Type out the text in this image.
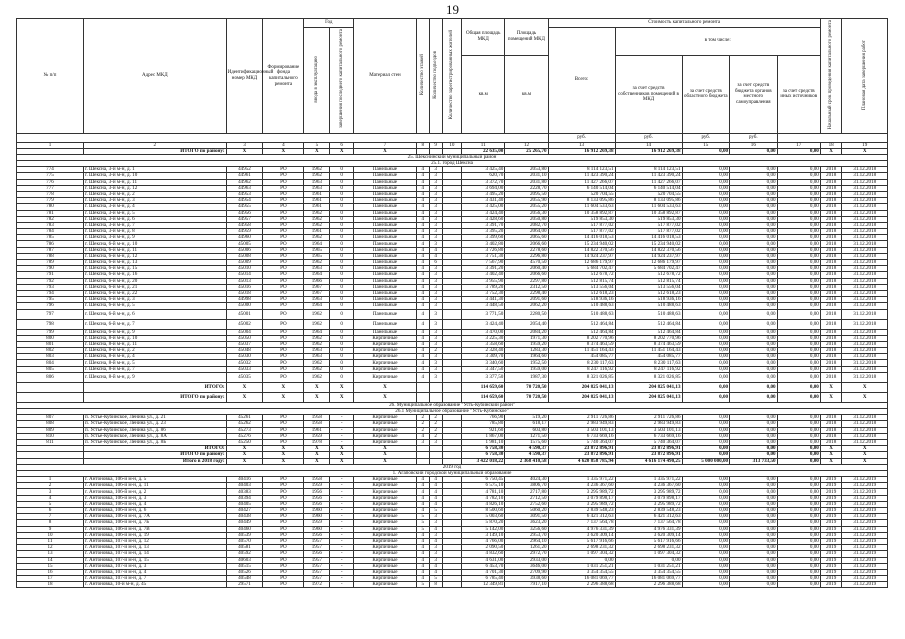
19
№ п/п	Адрес МКД	Идентификационный номер МКД	Формирование фонда капитального ремонта	Год		Материал стен	Количество этажей	Количество подъездов	Количество зарегистрированных жителей	Общая площадь МКД	Площадь помещений МКД	Стоимость капитального ремонта					Начальный срок проведения капитального ремонта	Плановая дата завершения работ
				ввода в эксплуатацию	завершения последнего капитального ремонта							Всего:	в том числе:					
										кв.м	кв.м		за счет средств собственников помещений в МКД	за счет средств областного бюджета	за счет средств бюджета органов местного самоуправления	за счет средств иных источников		
												руб.	руб.	руб.	руб.			
1	2	3	4	5	6	7	8	9	10	11	12	13	14	15	16	17	18	19
	ИТОГО по району:	X	X	X	X	X				22 635,00	25 265,70	16 912 269,38	16 912 269,38	0,00	0,00	0,00	X	X
25. Шекснинский муниципальный район																		
25.1. город Шексна																		
774	г. Шексна, 3-й м-н, д. 1	44952	РО	1962	0	Панельные	4	3		3 425,40	2053,80	8 114 123,51	8 114 123,51	0,00	0,00	0,00	2018	31.12.2018
775	г. Шексна, 3-й м-н, д. 10	44961	РО	1962	0	Панельные	4	3		620,70	2031,10	11 423 390,24	11 423 390,24	0,00	0,00	0,00	2018	31.12.2018
776	г. Шексна, 3-й м-н, д. 11	44962	РО	1963	0	Панельные	4	3		3 372,70	2031,80	11 427 266,07	11 427 266,07	0,00	0,00	0,00	2018	31.12.2018
777	г. Шексна, 3-й м-н, д. 12	44963	РО	1963	0	Панельные	4	3		3 694,00	2228,70	6 140 514,04	6 140 514,04	0,00	0,00	0,00	2018	31.12.2018
778	г. Шексна, 3-й м-н, д. 2	44953	РО	1961	0	Панельные	4	3		3 495,20	2095,50	520 704,55	520 704,55	0,00	0,00	0,00	2018	31.12.2018
779	г. Шексна, 3-й м-н, д. 3	44954	РО	1961	0	Панельные	4	3		3 431,40	2055,90	8 133 095,86	8 133 095,86	0,00	0,00	0,00	2018	31.12.2018
780	г. Шексна, 3-й м-н, д. 4	44955	РО	1961	0	Панельные	4	3		3 425,00	2055,20	11 604 533,63	11 604 533,63	0,00	0,00	0,00	2018	31.12.2018
781	г. Шексна, 3-й м-н, д. 5	44956	РО	1962	0	Панельные	4	3		3 424,40	2056,30	10 358 892,87	10 358 892,87	0,00	0,00	0,00	2018	31.12.2018
782	г. Шексна, 3-й м-н, д. 6	44957	РО	1962	0	Панельные	4	3		3 428,60	2050,80	519 853,30	519 853,30	0,00	0,00	0,00	2018	31.12.2018
783	г. Шексна, 3-й м-н, д. 7	44958	РО	1962	0	Панельные	4	3		3 391,70	2082,70	517 877,02	517 877,02	0,00	0,00	0,00	2018	31.12.2018
784	г. Шексна, 3-й м-н, д. 8	44959	РО	1961	0	Панельные	4	3		3 395,20	2064,00	517 877,02	517 877,02	0,00	0,00	0,00	2018	31.12.2018
785	г. Шексна, 3-й м-н, д. 9	44960	РО	1962	0	Панельные	4	3		3 399,60	2065,60	14 416 018,53	14 416 018,53	0,00	0,00	0,00	2018	31.12.2018
786	г. Шексна, 6-й м-н, д. 10	45005	РО	1964	0	Панельные	4	3		3 402,80	2066,60	15 234 940,02	15 234 940,02	0,00	0,00	0,00	2018	31.12.2018
787	г. Шексна, 6-й м-н, д. 11	45006	РО	1965	0	Панельные	4	4		3 726,80	2278,60	14 822 370,56	14 822 370,56	0,00	0,00	0,00	2018	31.12.2018
788	г. Шексна, 6-й м-н, д. 12	45008	РО	1965	0	Панельные	4	4		3 751,30	2296,80	14 924 237,97	14 924 237,97	0,00	0,00	0,00	2018	31.12.2018
789	г. Шексна, 6-й м-н, д. 13	45009	РО	1962	0	Панельные	4	6		7 567,90	4570,50	12 686 179,97	12 686 179,97	0,00	0,00	0,00	2018	31.12.2018
790	г. Шексна, 6-й м-н, д. 15	45010	РО	1963	0	Панельные	4	3		3 391,20	2060,40	5 684 702,47	5 684 702,47	0,00	0,00	0,00	2018	31.12.2018
791	г. Шексна, 6-й м-н, д. 16	45014	РО	1964	0	Панельные	4	3		3 402,40	2066,60	512 678,72	512 678,72	0,00	0,00	0,00	2018	31.12.2018
792	г. Шексна, 6-й м-н, д. 20	45013	РО	1966	0	Панельные	4	3		3 955,90	2297,80	512 815,74	512 815,74	0,00	0,00	0,00	2018	31.12.2018
793	г. Шексна, 6-й м-н, д. 21	45016	РО	1967	0	Панельные	4	3		3 789,20	2312,50	513 556,04	513 556,04	0,00	0,00	0,00	2018	31.12.2018
794	г. Шексна, 6-й м-н, д. 22	45018	РО	1967	0	Панельные	4	3		3 752,30	2298,40	512 618,23	512 618,23	0,00	0,00	0,00	2018	31.12.2018
795	г. Шексна, 6-й м-н, д. 3	44998	РО	1963	0	Панельные	4	3		3 441,30	2091,60	518 936,16	518 936,16	0,00	0,00	0,00	2018	31.12.2018
796	г. Шексна, 6-й м-н, д. 5	45000	РО	1964	0	Панельные	4	3		3 448,50	2062,20	510 488,63	510 488,63	0,00	0,00	0,00	2018	31.12.2018
797	г. Шексна, 6-й м-н, д. 6	45001	РО	1962	0	Панельные	4	3		3 771,50	2280,50	510 488,63	510 488,63	0,00	0,00	0,00	2018	31.12.2018
798	г. Шексна, 6-й м-н, д. 7	45002	РО	1962	0	Панельные	4	3		3 424,40	2054,40	512 464,84	512 464,84	0,00	0,00	0,00	2018	31.12.2018
799	г. Шексна, 6-й м-н, д. 9	45004	РО	1964	0	Панельные	4	3		3 470,00	2084,20	512 464,84	512 464,84	0,00	0,00	0,00	2018	31.12.2018
800	г. Шексна, 8-й м-н, д. 10	45050	РО	1962	0	Кирпичные	4	3		3 225,30	1971,30	8 202 770,96	8 202 770,96	0,00	0,00	0,00	2018	31.12.2018
801	г. Шексна, 8-й м-н, д. 11	45037	РО	1962	0	Кирпичные	4	3		3 358,60	1959,20	8 374 463,59	8 374 463,59	0,00	0,00	0,00	2018	31.12.2018
802	г. Шексна, 8-й м-н, д. 2	45048	РО	1963	0	Кирпичные	4	2		2 328,40	1283,30	11 451 164,43	11 451 164,43	0,00	0,00	0,00	2018	31.12.2018
803	г. Шексна, 8-й м-н, д. 4	45030	РО	1963	0	Кирпичные	4	3		3 309,70	1964,60	454 085,77	454 085,77	0,00	0,00	0,00	2018	31.12.2018
804	г. Шексна, 8-й м-н, д. 5	45032	РО	1962	0	Кирпичные	4	3		3 340,60	1952,50	8 230 117,63	8 230 117,63	0,00	0,00	0,00	2018	31.12.2018
805	г. Шексна, 8-й м-н, д. 7	45033	РО	1962	0	Кирпичные	4	3		3 347,50	1959,00	8 247 116,92	8 247 116,92	0,00	0,00	0,00	2018	31.12.2018
806	г. Шексна, 8-й м-н, д. 9	45035	РО	1962	0	Кирпичные	4	3		3 377,50	1987,30	8 321 026,85	8 321 026,85	0,00	0,00	0,00	2018	31.12.2018
	ИТОГО:	X	X	X	X	X				114 659,60	70 720,50	204 825 041,13	204 825 041,13	0,00	0,00	0,00	X	X
	ИТОГО по району:	X	X	X	X	X				114 659,60	70 720,50	204 825 041,13	204 825 041,13	0,00	0,00	0,00	X	X
26. Муниципальное образование "Усть-Кубинский район"																		
26.1 Муниципальное образование "Усть-Кубинское"																		
807	п. Устье-Кубинское, Ленина ул., д. 21	45261	РО	1958	-	Кирпичные	2	2		766,90	519,20	2 911 726,86	2 911 726,86	0,00	0,00	0,00	2018	31.12.2018
808	п. Устье-Кубинское, Ленина ул., д. 23	45262	РО	1958	-	Кирпичные	2	2		785,80	618,17	2 983 949,83	2 983 949,83	0,00	0,00	0,00	2018	31.12.2018
809	п. Устье-Кубинское, Ленина ул., д. 86	45273	РО	1961	-	Кирпичные	2	2		921,60	603,80	3 503 101,13	3 503 101,13	0,00	0,00	0,00	2018	31.12.2018
810	п. Устье-Кубинское, Ленина ул., д. 8А	45276	РО	1959	-	Кирпичные	4	2		1 867,00	1271,50	6 733 669,16	6 733 669,16	0,00	0,00	0,00	2018	31.12.2018
811	п. Устье-Кубинское, Ленина ул., д. 8Б	45250	РО	1978	-	Кирпичные	3	3		1 981,10	1575,60	5 740 364,07	5 740 364,07	0,00	0,00	0,00	2018	31.12.2018
	ИТОГО:	X	X	X	X	X				6 758,30	4 590,37	23 872 896,91	23 872 896,91	0,00	0,00	0,00	X	X
	ИТОГО по району:	X	X	X	X	X				6 758,30	4 590,37	23 872 896,91	23 872 896,91	0,00	0,00	0,00	X	X
	Итого в 2018 году:	X	X	X	X	X				3 422 018,22	2 368 410,58	4 620 858 785,94	4 616 174 490,25	5 000 000,00	313 733,50	0,00	X	X
2019 год																		
1. Агаповский городской муниципальный образование																		
1	г. Антоновка, 106-й м-н, д. 5	40416	РО	1958	-	Кирпичные	4	4		6 750,45	4024,30	1 335 971,22	1 335 971,22	0,00	0,00	0,00	2019	31.12.2019
2	г. Антоновка, 106-й м-н, д. 11	40403	РО	1959	-	Кирпичные	4	4		6 575,10	3806,70	4 236 367,60	4 236 367,60	0,00	0,00	0,00	2019	31.12.2019
3	г. Антоновка, 106-й м-н, д. 2	40383	РО	1956	-	Кирпичные	4	4		4 781,10	2717,80	3 295 989,72	3 295 989,72	0,00	0,00	0,00	2019	31.12.2019
4	г. Антоновка, 106-й м-н, д. 3	40394	РО	1956	-	Кирпичные	4	4		4 782,10	2712,50	3 079 898,17	3 079 898,17	0,00	0,00	0,00	2019	31.12.2019
5	г. Антоновка, 106-й м-н, д. 4	40405	РО	1956	-	Кирпичные	4	4		4 826,10	2752,60	3 295 989,72	3 295 989,72	0,00	0,00	0,00	2019	31.12.2019
6	г. Антоновка, 106-й м-н, д. 6	40427	РО	1960	-	Кирпичные	4	5		8 500,60	5060,20	2 839 548,23	2 839 548,23	0,00	0,00	0,00	2019	31.12.2019
7	г. Антоновка, 106-й м-н, д. 7А	40438	РО	1960	-	Кирпичные	5	3		5 003,60	3091,50	6 421 312,63	6 421 312,63	0,00	0,00	0,00	2019	31.12.2019
8	г. Антоновка, 106-й м-н, д. 7Б	40449	РО	1959	-	Кирпичные	5	3		5 870,20	3623,20	7 137 564,78	7 137 564,78	0,00	0,00	0,00	2019	31.12.2019
9	г. Антоновка, 106-й м-н, д. 7В	40460	РО	1960	-	Кирпичные	5	4		5 142,00	3256,60	4 976 331,39	4 976 331,39	0,00	0,00	0,00	2019	31.12.2019
10	г. Антоновка, 106-й м-н, д. 19	40539	РО	1956	-	Кирпичные	4	3		3 149,10	2953,70	3 620 309,14	3 620 309,14	0,00	0,00	0,00	2019	31.12.2019
11	г. Антоновка, 107-й м-н, д. 12	40570	РО	1957	-	Кирпичные	4	4		4 766,00	2964,10	5 617 916,66	5 617 916,66	0,00	0,00	0,00	2019	31.12.2019
12	г. Антоновка, 107-й м-н, д. 13	40581	РО	1957	-	Кирпичные	4	3		2 090,50	1261,20	2 698 231,32	2 698 231,32	0,00	0,00	0,00	2019	31.12.2019
13	г. Антоновка, 107-й м-н, д. 14	40592	РО	1956	-	Кирпичные	4	3		4 832,60	2972,70	1 097 304,32	1 097 304,32	0,00	0,00	0,00	2019	31.12.2019
14	г. Антоновка, 107-й м-н, д. 15	40603	РО	1957	-	Кирпичные	4	3		4 631,00	2933,00	0,00	0,00	0,00	0,00	0,00	2019	31.12.2019
15	г. Антоновка, 107-й м-н, д. 3	40515	РО	1957	-	Кирпичные	4	4		6 453,70	3646,00	1 031 251,21	1 031 251,21	0,00	0,00	0,00	2019	31.12.2019
16	г. Антоновка, 107-й м-н, д. 4	40526	РО	1957	-	Кирпичные	4	4		4 701,30	2709,90	3 354 354,55	3 354 354,55	0,00	0,00	0,00	2019	31.12.2019
17	г. Антоновка, 107-й м-н, д. 7	40548	РО	1957	-	Кирпичные	4	5		6 785,40	3938,60	16 081 069,77	16 081 069,77	0,00	0,00	0,00	2019	31.12.2019
18	г. Антоновка, 10-й м-н, д. 45	29571	РО	1972	-	Кирпичные	5	8		12 349,81	7917,10	2 296 388,68	2 296 388,68	0,00	0,00	0,00	2019	31.12.2019
